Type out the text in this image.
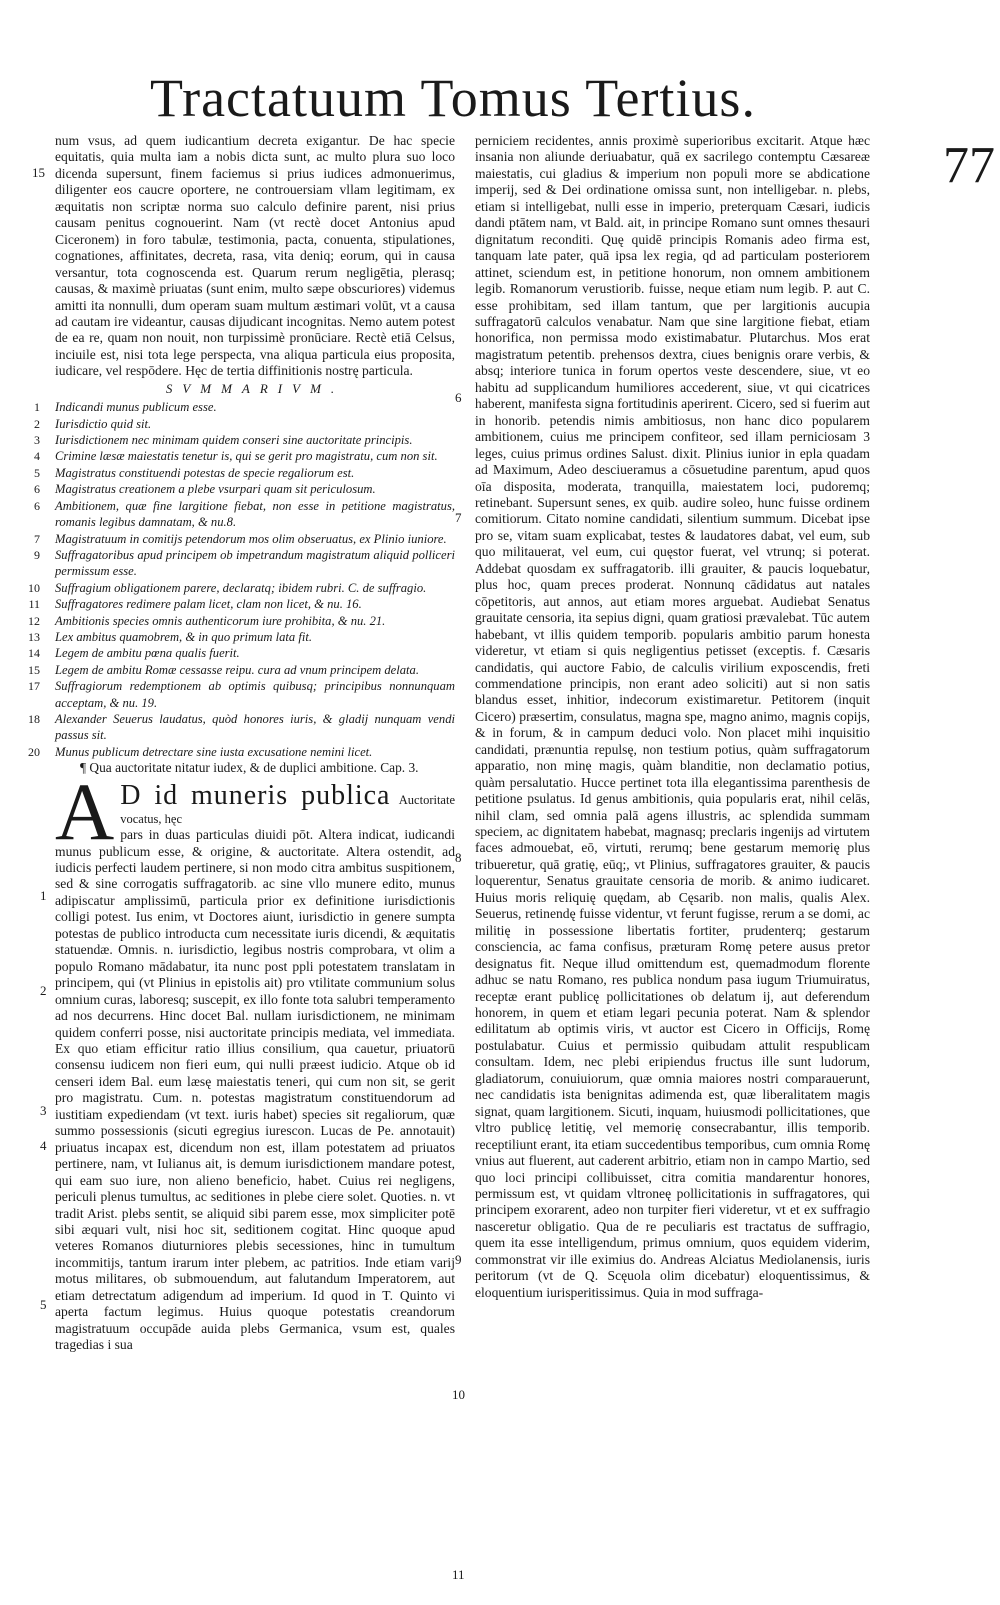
Tractatuum Tomus Tertius.
77

num vsus, ad quem iudicantium decreta exigantur. De hac specie equitatis, quia multa iam a nobis dicta sunt, ac multo plura suo loco dicenda supersunt, finem faciemus si prius iudices admonuerimus, diligenter eos caucre oportere, ne controuersiam vllam legitimam, ex æquitatis non scriptæ norma suo calculo definire parent, nisi prius causam penitus cognouerint. Nam (vt rectè docet Antonius apud Ciceronem) in foro tabulæ, testimonia, pacta, conuenta, stipulationes, cognationes, affinitates, decreta, rasa, vita deniq; eorum, qui in causa versantur, tota cognoscenda est. Quarum rerum negligētia, plerasq; causas, & maximè priuatas (sunt enim, multo sæpe obscuriores) videmus amitti ita nonnulli, dum operam suam multum æstimari volūt, vt a causa ad cautam ire videantur, causas dijudicant incognitas. Nemo autem potest de ea re, quam non nouit, non turpissimè pronūciare. Rectè etiā Celsus, inciuile est, nisi tota lege perspecta, vna aliqua particula eius proposita, iudicare, vel respōdere. Hęc de tertia diffinitionis nostrę particula.

SVMMARIVM.
1 Indicandi munus publicum esse.
2 Iurisdictio quid sit.
3 Iurisdictionem nec minimam quidem conseri sine auctoritate principis.
4 Crimine læsæ maiestatis tenetur is, qui se gerit pro magistratu, cum non sit.
5 Magistratus constituendi potestas de specie regaliorum est.
6 Magistratus creationem a plebe vsurpari quam sit periculosum.
6 Ambitionem, quæ fine largitione fiebat, non esse in petitione magistratus, romanis legibus damnatam, & nu.8.
7 Magistratuum in comitijs petendorum mos olim obseruatus, ex Plinio iuniore.
9 Suffragatoribus apud principem ob impetrandum magistratum aliquid polliceri permissum esse.
10 Suffragium obligationem parere, declaratq; ibidem rubri. C. de suffragio.
11 Suffragatores redimere palam licet, clam non licet, & nu. 16.
12 Ambitionis species omnis authenticorum iure prohibita, & nu. 21.
13 Lex ambitus quamobrem, & in quo primum lata fit.
14 Legem de ambitu pœna qualis fuerit.
15 Legem de ambitu Romæ cessasse reipu. cura ad vnum principem delata.
17 Suffragiorum redemptionem ab optimis quibusq; principibus nonnunquam acceptam, & nu. 19.
18 Alexander Seuerus laudatus, quòd honores iuris, & gladij nunquam vendi passus sit.
20 Munus publicum detrectare sine iusta excusatione nemini licet.
¶ Qua auctoritate nitatur iudex, & de duplici ambitione. Cap. 3.
A D id muneris publica Auctoritate vocatus, hęc

pars in duas particulas diuidi pōt. Altera indicat, iudicandi munus publicum esse, & origine, & auctoritate. Altera ostendit, ad iudicis perfecti laudem pertinere, si non modo citra ambitus suspitionem, sed & sine corrogatis suffragatorib. ac sine vllo munere edito, munus adipiscatur amplissimū, particula prior ex definitione iurisdictionis colligi potest. Ius enim, vt Doctores aiunt, iurisdictio in genere sumpta potestas de publico introducta cum necessitate iuris dicendi, & æquitatis statuendæ. Omnis. n. iurisdictio, legibus nostris comprobara, vt olim a populo Romano mādabatur, ita nunc post ppli potestatem translatam in principem, qui (vt Plinius in epistolis ait) pro vtilitate communium solus omnium curas, laboresq; suscepit, ex illo fonte tota salubri temperamento ad nos decurrens. Hinc docet Bal. nullam iurisdictionem, ne minimam quidem conferri posse, nisi auctoritate principis mediata, vel immediata. Ex quo etiam efficitur ratio illius consilium, qua cauetur, priuatorū consensu iudicem non fieri eum, qui nulli præest iudicio. Atque ob id censeri idem Bal. eum læsę maiestatis teneri, qui cum non sit, se gerit pro magistratu. Cum. n. potestas magistratum constituendorum ad iustitiam expediendam (vt text. iuris habet) species sit regaliorum, quæ summo possessionis (sicuti egregius iurescon. Lucas de Pe. annotauit) priuatus incapax est, dicendum non est, illam potestatem ad priuatos pertinere, nam, vt Iulianus ait, is demum iurisdictionem mandare potest, qui eam suo iure, non alieno beneficio, habet. Cuius rei negligens, periculi plenus tumultus, ac seditiones in plebe ciere solet. Quoties. n. vt tradit Arist. plebs sentit, se aliquid sibi parem esse, mox simpliciter potē sibi æquari vult, nisi hoc sit, seditionem cogitat. Hinc quoque apud veteres Romanos diuturniores plebis secessiones, hinc in tumultum incommitijs, tantum irarum inter plebem, ac patritios. Inde etiam varij motus militares, ob submouendum, aut falutandum Imperatorem, aut etiam detrectatum adigendum ad imperium. Id quod in T. Quinto vi aperta factum legimus. Huius quoque potestatis creandorum magistratuum occupāde auida plebs Germanica, vsum est, quales tragedias i sua

15
1
2
3
4
5

perniciem recidentes, annis proximè superioribus excitarit. Atque hæc insania non aliunde deriuabatur, quā ex sacrilego contemptu Cæsareæ maiestatis, cui gladius & imperium non populi more se abdicatione imperij, sed & Dei ordinatione omissa sunt, non intelligebar. n. plebs, etiam si intelligebat, nulli esse in imperio, preterquam Cæsari, iudicis dandi ptātem nam, vt Bald. ait, in principe Romano sunt omnes thesauri dignitatum reconditi. Quę quidē principis Romanis adeo firma est, tanquam late pater, quā ipsa lex regia, qd ad particulam posteriorem attinet, sciendum est, in petitione honorum, non omnem ambitionem legib. Romanorum verustiorib. fuisse, neque etiam num legib. P. aut C. esse prohibitam, sed illam tantum, que per largitionis aucupia suffragatorū calculos venabatur. Nam que sine largitione fiebat, etiam honorifica, non permissa modo existimabatur. Plutarchus. Mos erat magistratum petentib. prehensos dextra, ciues benignis orare verbis, & absq; interiore tunica in forum opertos veste descendere, siue, vt eo habitu ad supplicandum humiliores accederent, siue, vt qui cicatrices haberent, manifesta signa fortitudinis aperirent. Cicero, sed si fuerim aut in honorib. petendis nimis ambitiosus, non hanc dico popularem ambitionem, cuius me principem confiteor, sed illam perniciosam 3 leges, cuius primus ordines Salust. dixit. Plinius iunior in epla quadam ad Maximum, Adeo desciueramus a cōsuetudine parentum, apud quos oīa disposita, moderata, tranquilla, maiestatem loci, pudoremq; retinebant. Supersunt senes, ex quib. audire soleo, hunc fuisse ordinem comitiorum. Citato nomine candidati, silentium summum. Dicebat ipse pro se, vitam suam explicabat, testes & laudatores dabat, vel eum, sub quo militauerat, vel eum, cui quęstor fuerat, vel vtrunq; si poterat. Addebat quosdam ex suffragatorib. illi grauiter, & paucis loquebatur, plus hoc, quam preces proderat. Nonnunq cādidatus aut natales cōpetitoris, aut annos, aut etiam mores arguebat. Audiebat Senatus grauitate censoria, ita sepius digni, quam gratiosi prævalebat. Tūc autem habebant, vt illis quidem temporib. popularis ambitio parum honesta videretur, vt etiam si quis negligentius petisset (exceptis. f. Cæsaris candidatis, qui auctore Fabio, de calculis virilium exposcendis, freti commendatione principis, non erant adeo soliciti) aut si non satis blandus esset, inhitior, indecorum existimaretur. Petitorem (inquit Cicero) præsertim, consulatus, magna spe, magno animo, magnis copijs, & in forum, & in campum deduci volo. Non placet mihi inquisitio candidati, prænuntia repulsę, non testium potius, quàm suffragatorum apparatio, non minę magis, quàm blanditie, non declamatio potius, quàm persalutatio. Hucce pertinet tota illa elegantissima parenthesis de petitione psulatus. Id genus ambitionis, quia popularis erat, nihil celās, nihil clam, sed omnia palā agens illustris, ac splendida summam speciem, ac dignitatem habebat, magnasq; preclaris ingenijs ad virtutem faces admouebat, eō, virtuti, rerumq; bene gestarum memorię plus tribueretur, quā gratię, eūq;, vt Plinius, suffragatores grauiter, & paucis loquerentur, Senatus grauitate censoria de morib. & animo iudicaret. Huius moris reliquię quędam, ab Cęsarib. non malis, qualis Alex. Seuerus, retinendę fuisse videntur, vt ferunt fugisse, rerum a se domi, ac militię in possessione libertatis fortiter, prudenterq; gestarum consciencia, ac fama confisus, præturam Romę petere ausus pretor designatus fit. Neque illud omittendum est, quemadmodum florente adhuc se natu Romano, res publica nondum pasa iugum Triumuiratus, receptæ erant publicę pollicitationes ob delatum ij, aut deferendum honorem, in quem et etiam legari pecunia poterat. Nam & splendor edilitatum ab optimis viris, vt auctor est Cicero in Officijs, Romę postulabatur. Cuius et permissio quibudam attulit respublicam consultam. Idem, nec plebi eripiendus fructus ille sunt ludorum, gladiatorum, conuiuiorum, quæ omnia maiores nostri comparauerunt, nec candidatis ista benignitas adimenda est, quæ liberalitatem magis signat, quam largitionem. Sicuti, inquam, huiusmodi pollicitationes, que vltro publicę letitię, vel memorię consecrabantur, illis temporib. receptiliunt erant, ita etiam succedentibus temporibus, cum omnia Romę vnius aut fluerent, aut caderent arbitrio, etiam non in campo Martio, sed quo loci principi collibuisset, citra comitia mandarentur honores, permissum est, vt quidam vltroneę pollicitationis in suffragatores, qui principem exorarent, adeo non turpiter fieri videretur, vt et ex suffragio nasceretur obligatio. Qua de re peculiaris est tractatus de suffragio, quem ita esse intelligendum, primus omnium, quos equidem viderim, commonstrat vir ille eximius do. Andreas Alciatus Mediolanensis, iuris peritorum (vt de Q. Scęuola olim dicebatur) eloquentissimus, & eloquentium iurisperitissimus. Quia in mod suffraga-

6
7
8
9
10
11
